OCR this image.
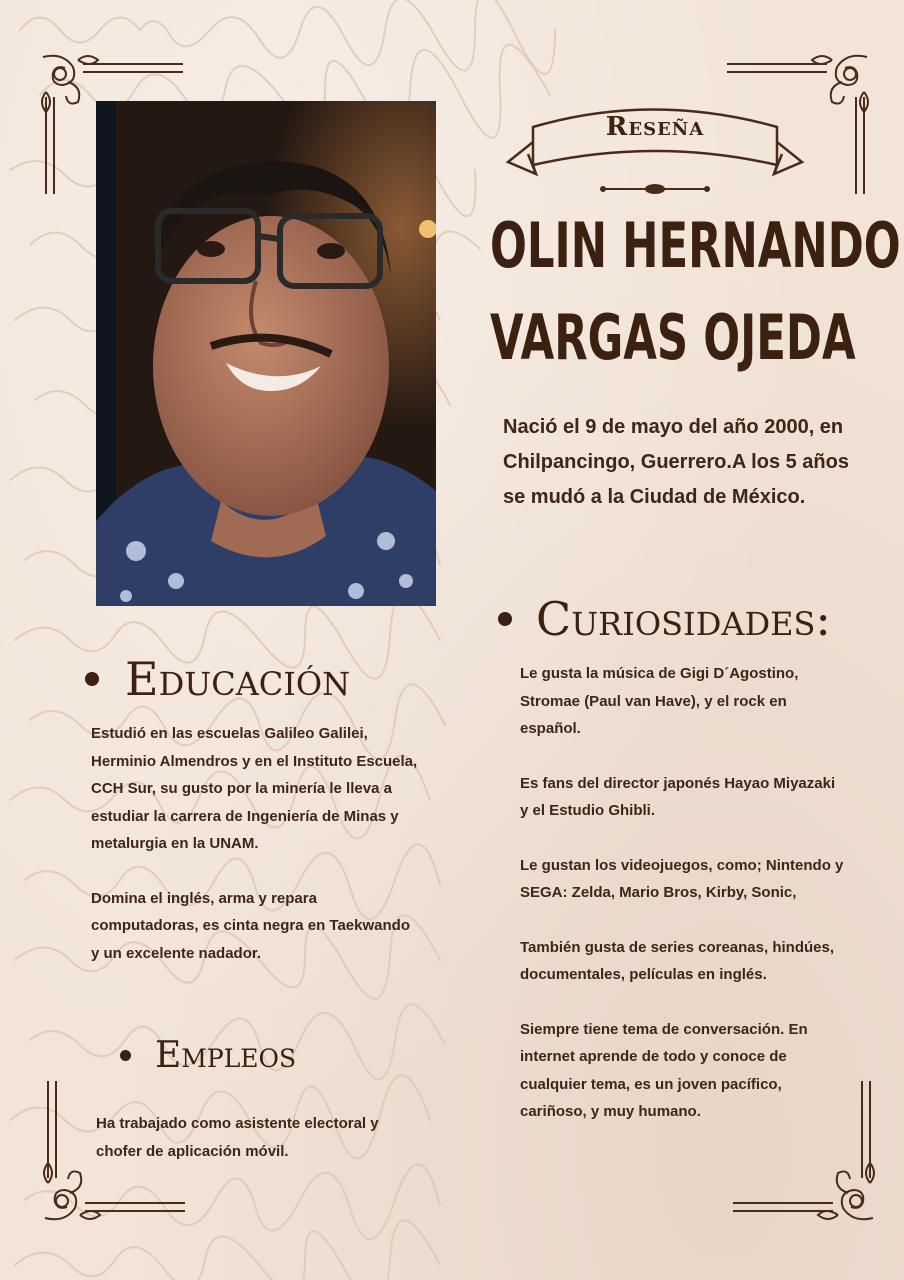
Reseña
OLIN HERNANDO
VARGAS OJEDA
Nació el 9 de mayo del año 2000, en Chilpancingo, Guerrero.A los 5 años se mudó a la Ciudad de México.
Curiosidades:

Le gusta la música de Gigi D´Agostino, Stromae (Paul van Have), y el rock en español.

Es fans del director japonés Hayao Miyazaki y el Estudio Ghibli.

Le gustan los videojuegos, como; Nintendo y SEGA: Zelda, Mario Bros, Kirby, Sonic,

También gusta de series coreanas, hindúes, documentales, películas en inglés.

Siempre tiene tema de conversación. En internet aprende de todo y conoce de cualquier tema, es un joven pacífico, cariñoso, y muy humano.

Educación

Estudió en las escuelas Galileo Galilei, Herminio Almendros y en el Instituto Escuela, CCH Sur, su gusto por la minería le lleva a estudiar la carrera de Ingeniería de Minas y metalurgia en la UNAM.

Domina el inglés, arma y repara computadoras, es cinta negra en Taekwando y un excelente nadador.

Empleos

Ha trabajado como asistente electoral y chofer de aplicación móvil.
